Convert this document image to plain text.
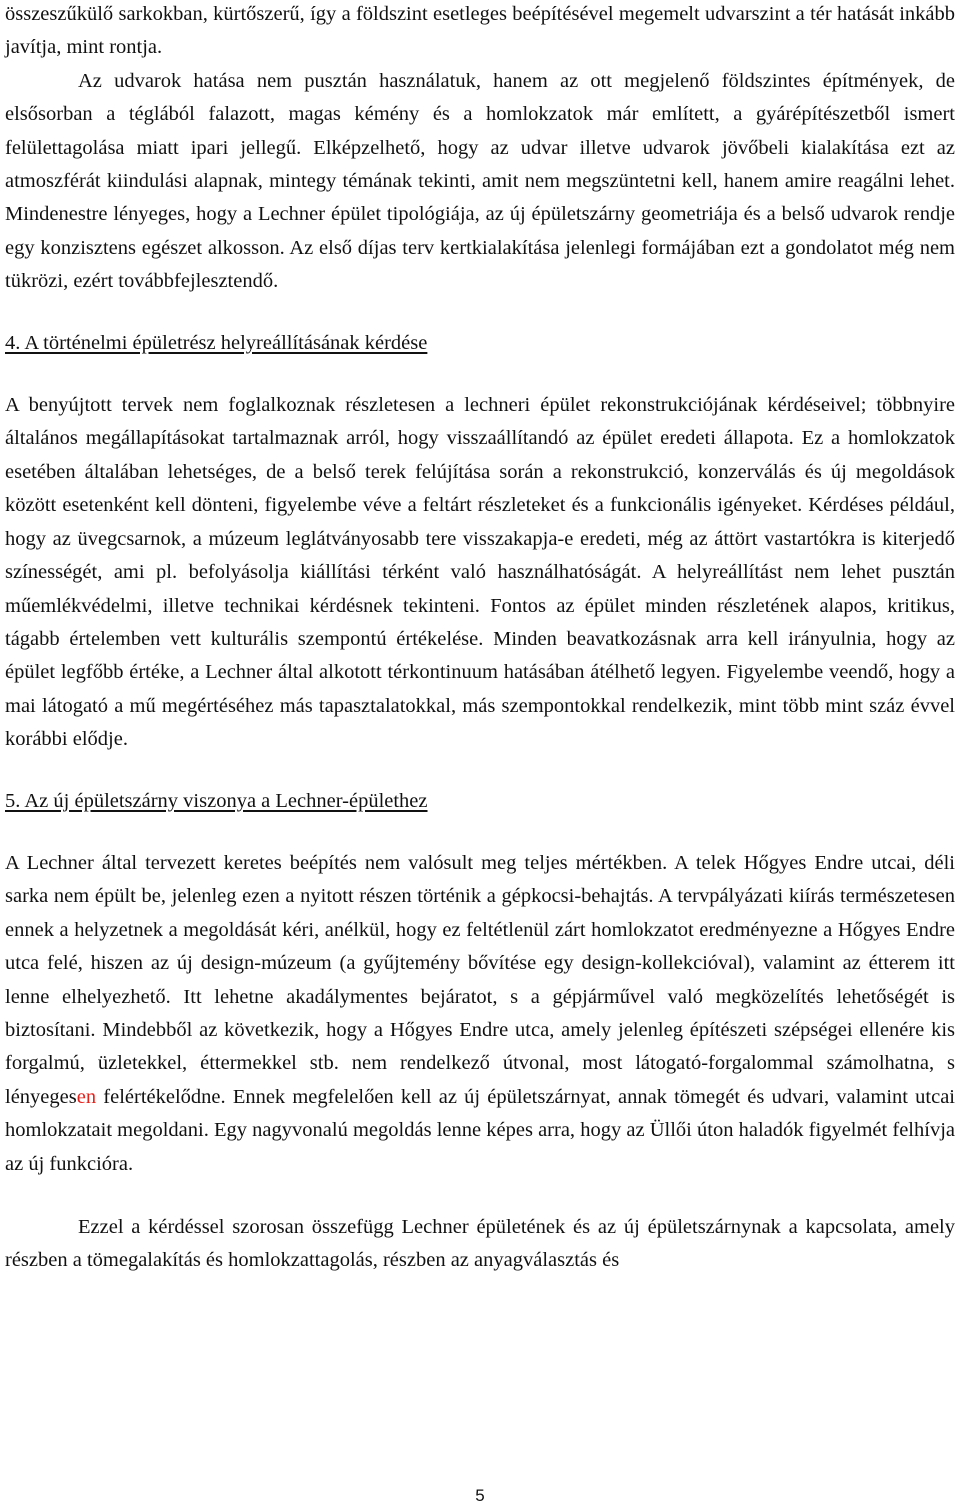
összeszűkülő sarkokban, kürtőszerű, így a földszint esetleges beépítésével megemelt udvarszint a tér hatását inkább javítja, mint rontja.

Az udvarok hatása nem pusztán használatuk, hanem az ott megjelenő földszintes építmények, de elsősorban a téglából falazott, magas kémény és a homlokzatok már említett, a gyárépítészetből ismert felülettagolása miatt ipari jellegű. Elképzelhető, hogy az udvar illetve udvarok jövőbeli kialakítása ezt az atmoszférát kiindulási alapnak, mintegy témának tekinti, amit nem megszüntetni kell, hanem amire reagálni lehet. Mindenestre lényeges, hogy a Lechner épület tipológiája, az új épületszárny geometriája és a belső udvarok rendje egy konzisztens egészet alkosson. Az első díjas terv kertkialakítása jelenlegi formájában ezt a gondolatot még nem tükrözi, ezért továbbfejlesztendő.

4. A történelmi épületrész helyreállításának kérdése

A benyújtott tervek nem foglalkoznak részletesen a lechneri épület rekonstrukciójának kérdéseivel; többnyire általános megállapításokat tartalmaznak arról, hogy visszaállítandó az épület eredeti állapota. Ez a homlokzatok esetében általában lehetséges, de a belső terek felújítása során a rekonstrukció, konzerválás és új megoldások között esetenként kell dönteni, figyelembe véve a feltárt részleteket és a funkcionális igényeket. Kérdéses például, hogy az üvegcsarnok, a múzeum leglátványosabb tere visszakapja-e eredeti, még az áttört vastartókra is kiterjedő színességét, ami pl. befolyásolja kiállítási térként való használhatóságát. A helyreállítást nem lehet pusztán műemlékvédelmi, illetve technikai kérdésnek tekinteni. Fontos az épület minden részletének alapos, kritikus, tágabb értelemben vett kulturális szempontú értékelése. Minden beavatkozásnak arra kell irányulnia, hogy az épület legfőbb értéke, a Lechner által alkotott térkontinuum hatásában átélhető legyen. Figyelembe veendő, hogy a mai látogató a mű megértéséhez más tapasztalatokkal, más szempontokkal rendelkezik, mint több mint száz évvel korábbi elődje.

5. Az új épületszárny viszonya a Lechner-épülethez

A Lechner által tervezett keretes beépítés nem valósult meg teljes mértékben. A telek Hőgyes Endre utcai, déli sarka nem épült be, jelenleg ezen a nyitott részen történik a gépkocsi-behajtás. A tervpályázati kiírás természetesen ennek a helyzetnek a megoldását kéri, anélkül, hogy ez feltétlenül zárt homlokzatot eredményezne a Hőgyes Endre utca felé, hiszen az új design-múzeum (a gyűjtemény bővítése egy design-kollekcióval), valamint az étterem itt lenne elhelyezhető. Itt lehetne akadálymentes bejáratot, s a gépjárművel való megközelítés lehetőségét is biztosítani. Mindebből az következik, hogy a Hőgyes Endre utca, amely jelenleg építészeti szépségei ellenére kis forgalmú, üzletekkel, éttermekkel stb. nem rendelkező útvonal, most látogató-forgalommal számolhatna, s lényegesen felértékelődne. Ennek megfelelően kell az új épületszárnyat, annak tömegét és udvari, valamint utcai homlokzatait megoldani. Egy nagyvonalú megoldás lenne képes arra, hogy az Üllői úton haladók figyelmét felhívja az új funkcióra.

Ezzel a kérdéssel szorosan összefügg Lechner épületének és az új épületszárnynak a kapcsolata, amely részben a tömegalakítás és homlokzattagolás, részben az anyagválasztás és

5
